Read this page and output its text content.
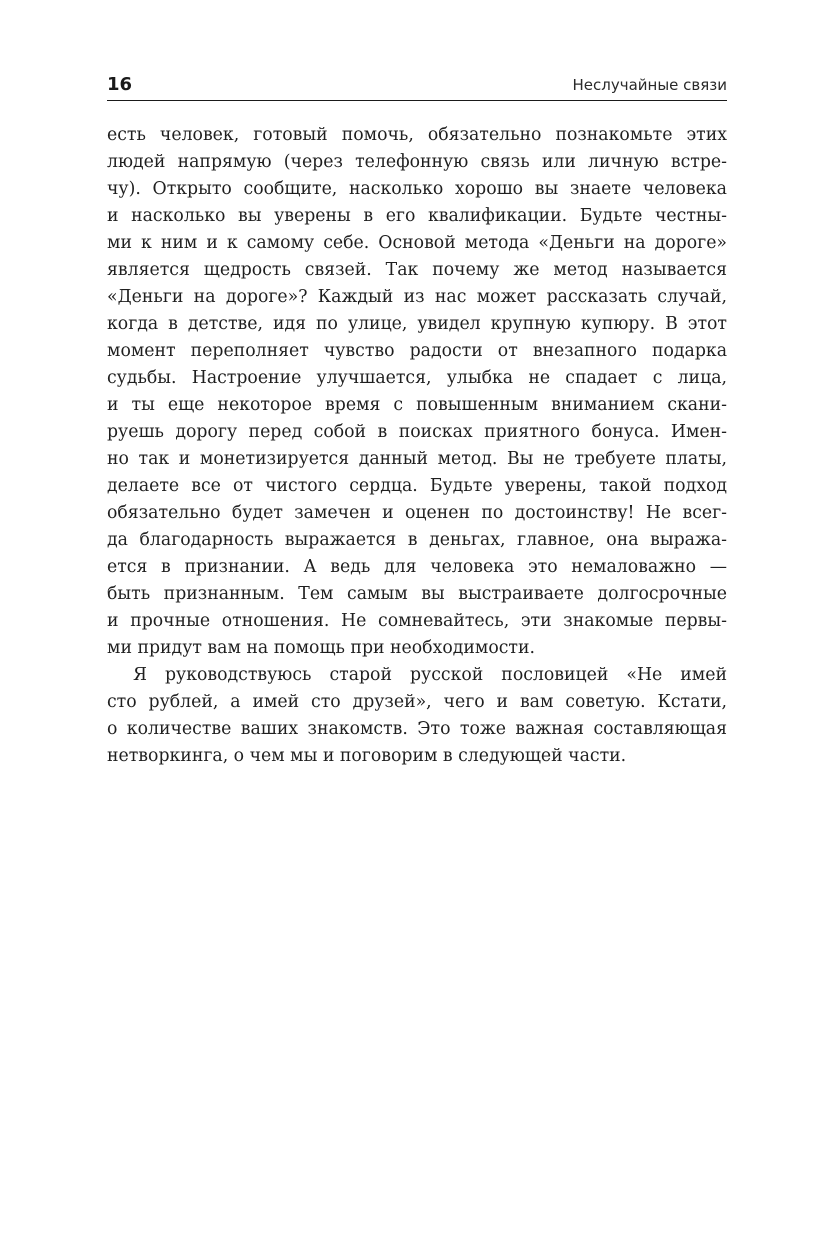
16	Неслучайные связи

есть человек, готовый помочь, обязательно познакомьте этих
людей напрямую (через телефонную связь или личную встре-
чу). Открыто сообщите, насколько хорошо вы знаете человека
и насколько вы уверены в его квалификации. Будьте честны-
ми к ним и к самому себе. Основой метода «Деньги на дороге»
является щедрость связей. Так почему же метод называется
«Деньги на дороге»? Каждый из нас может рассказать случай,
когда в детстве, идя по улице, увидел крупную купюру. В этот
момент переполняет чувство радости от внезапного подарка
судьбы. Настроение улучшается, улыбка не спадает с лица,
и ты еще некоторое время с повышенным вниманием скани-
руешь дорогу перед собой в поисках приятного бонуса. Имен-
но так и монетизируется данный метод. Вы не требуете платы,
делаете все от чистого сердца. Будьте уверены, такой подход
обязательно будет замечен и оценен по достоинству! Не всег-
да благодарность выражается в деньгах, главное, она выража-
ется в признании. А ведь для человека это немаловажно —
быть признанным. Тем самым вы выстраиваете долгосрочные
и прочные отношения. Не сомневайтесь, эти знакомые первы-
ми придут вам на помощь при необходимости.

Я руководствуюсь старой русской пословицей «Не имей
сто рублей, а имей сто друзей», чего и вам советую. Кстати,
о количестве ваших знакомств. Это тоже важная составляющая
нетворкинга, о чем мы и поговорим в следующей части.
